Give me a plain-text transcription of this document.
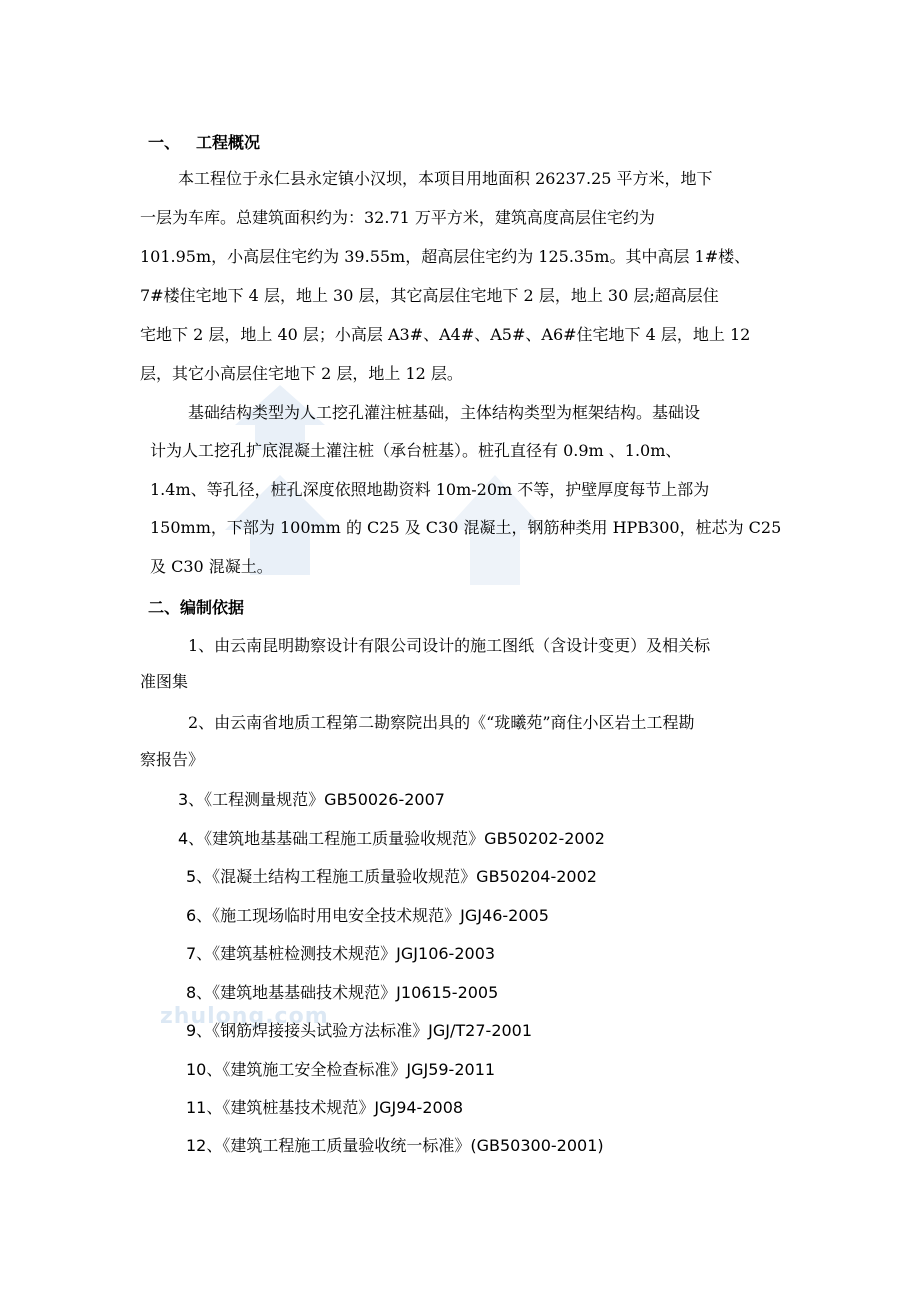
zhulong.com
一、 工程概况
本工程位于永仁县永定镇小汉坝，本项目用地面积 26237.25 平方米，地下
一层为车库。总建筑面积约为：32.71 万平方米，建筑高度高层住宅约为
101.95m，小高层住宅约为 39.55m，超高层住宅约为 125.35m。其中高层 1#楼、
7#楼住宅地下 4 层，地上 30 层，其它高层住宅地下 2 层，地上 30 层;超高层住
宅地下 2 层，地上 40 层；小高层 A3#、A4#、A5#、A6#住宅地下 4 层，地上 12
层，其它小高层住宅地下 2 层，地上 12 层。
基础结构类型为人工挖孔灌注桩基础，主体结构类型为框架结构。基础设
计为人工挖孔扩底混凝土灌注桩（承台桩基）。桩孔直径有 0.9m 、1.0m、
1.4m、等孔径，桩孔深度依照地勘资料 10m-20m 不等，护壁厚度每节上部为
150mm，下部为 100mm 的 C25 及 C30 混凝土，钢筋种类用 HPB300，桩芯为 C25
及 C30 混凝土。
二、编制依据
1、由云南昆明勘察设计有限公司设计的施工图纸（含设计变更）及相关标
准图集
2、由云南省地质工程第二勘察院出具的《“珑曦苑”商住小区岩土工程勘
察报告》
3、《工程测量规范》GB50026-2007
4、《建筑地基基础工程施工质量验收规范》GB50202-2002
5、《混凝土结构工程施工质量验收规范》GB50204-2002
6、《施工现场临时用电安全技术规范》JGJ46-2005
7、《建筑基桩检测技术规范》JGJ106-2003
8、《建筑地基基础技术规范》J10615-2005
9、《钢筋焊接接头试验方法标准》JGJ/T27-2001
10、《建筑施工安全检查标准》JGJ59-2011
11、《建筑桩基技术规范》JGJ94-2008
12、《建筑工程施工质量验收统一标准》(GB50300-2001)
